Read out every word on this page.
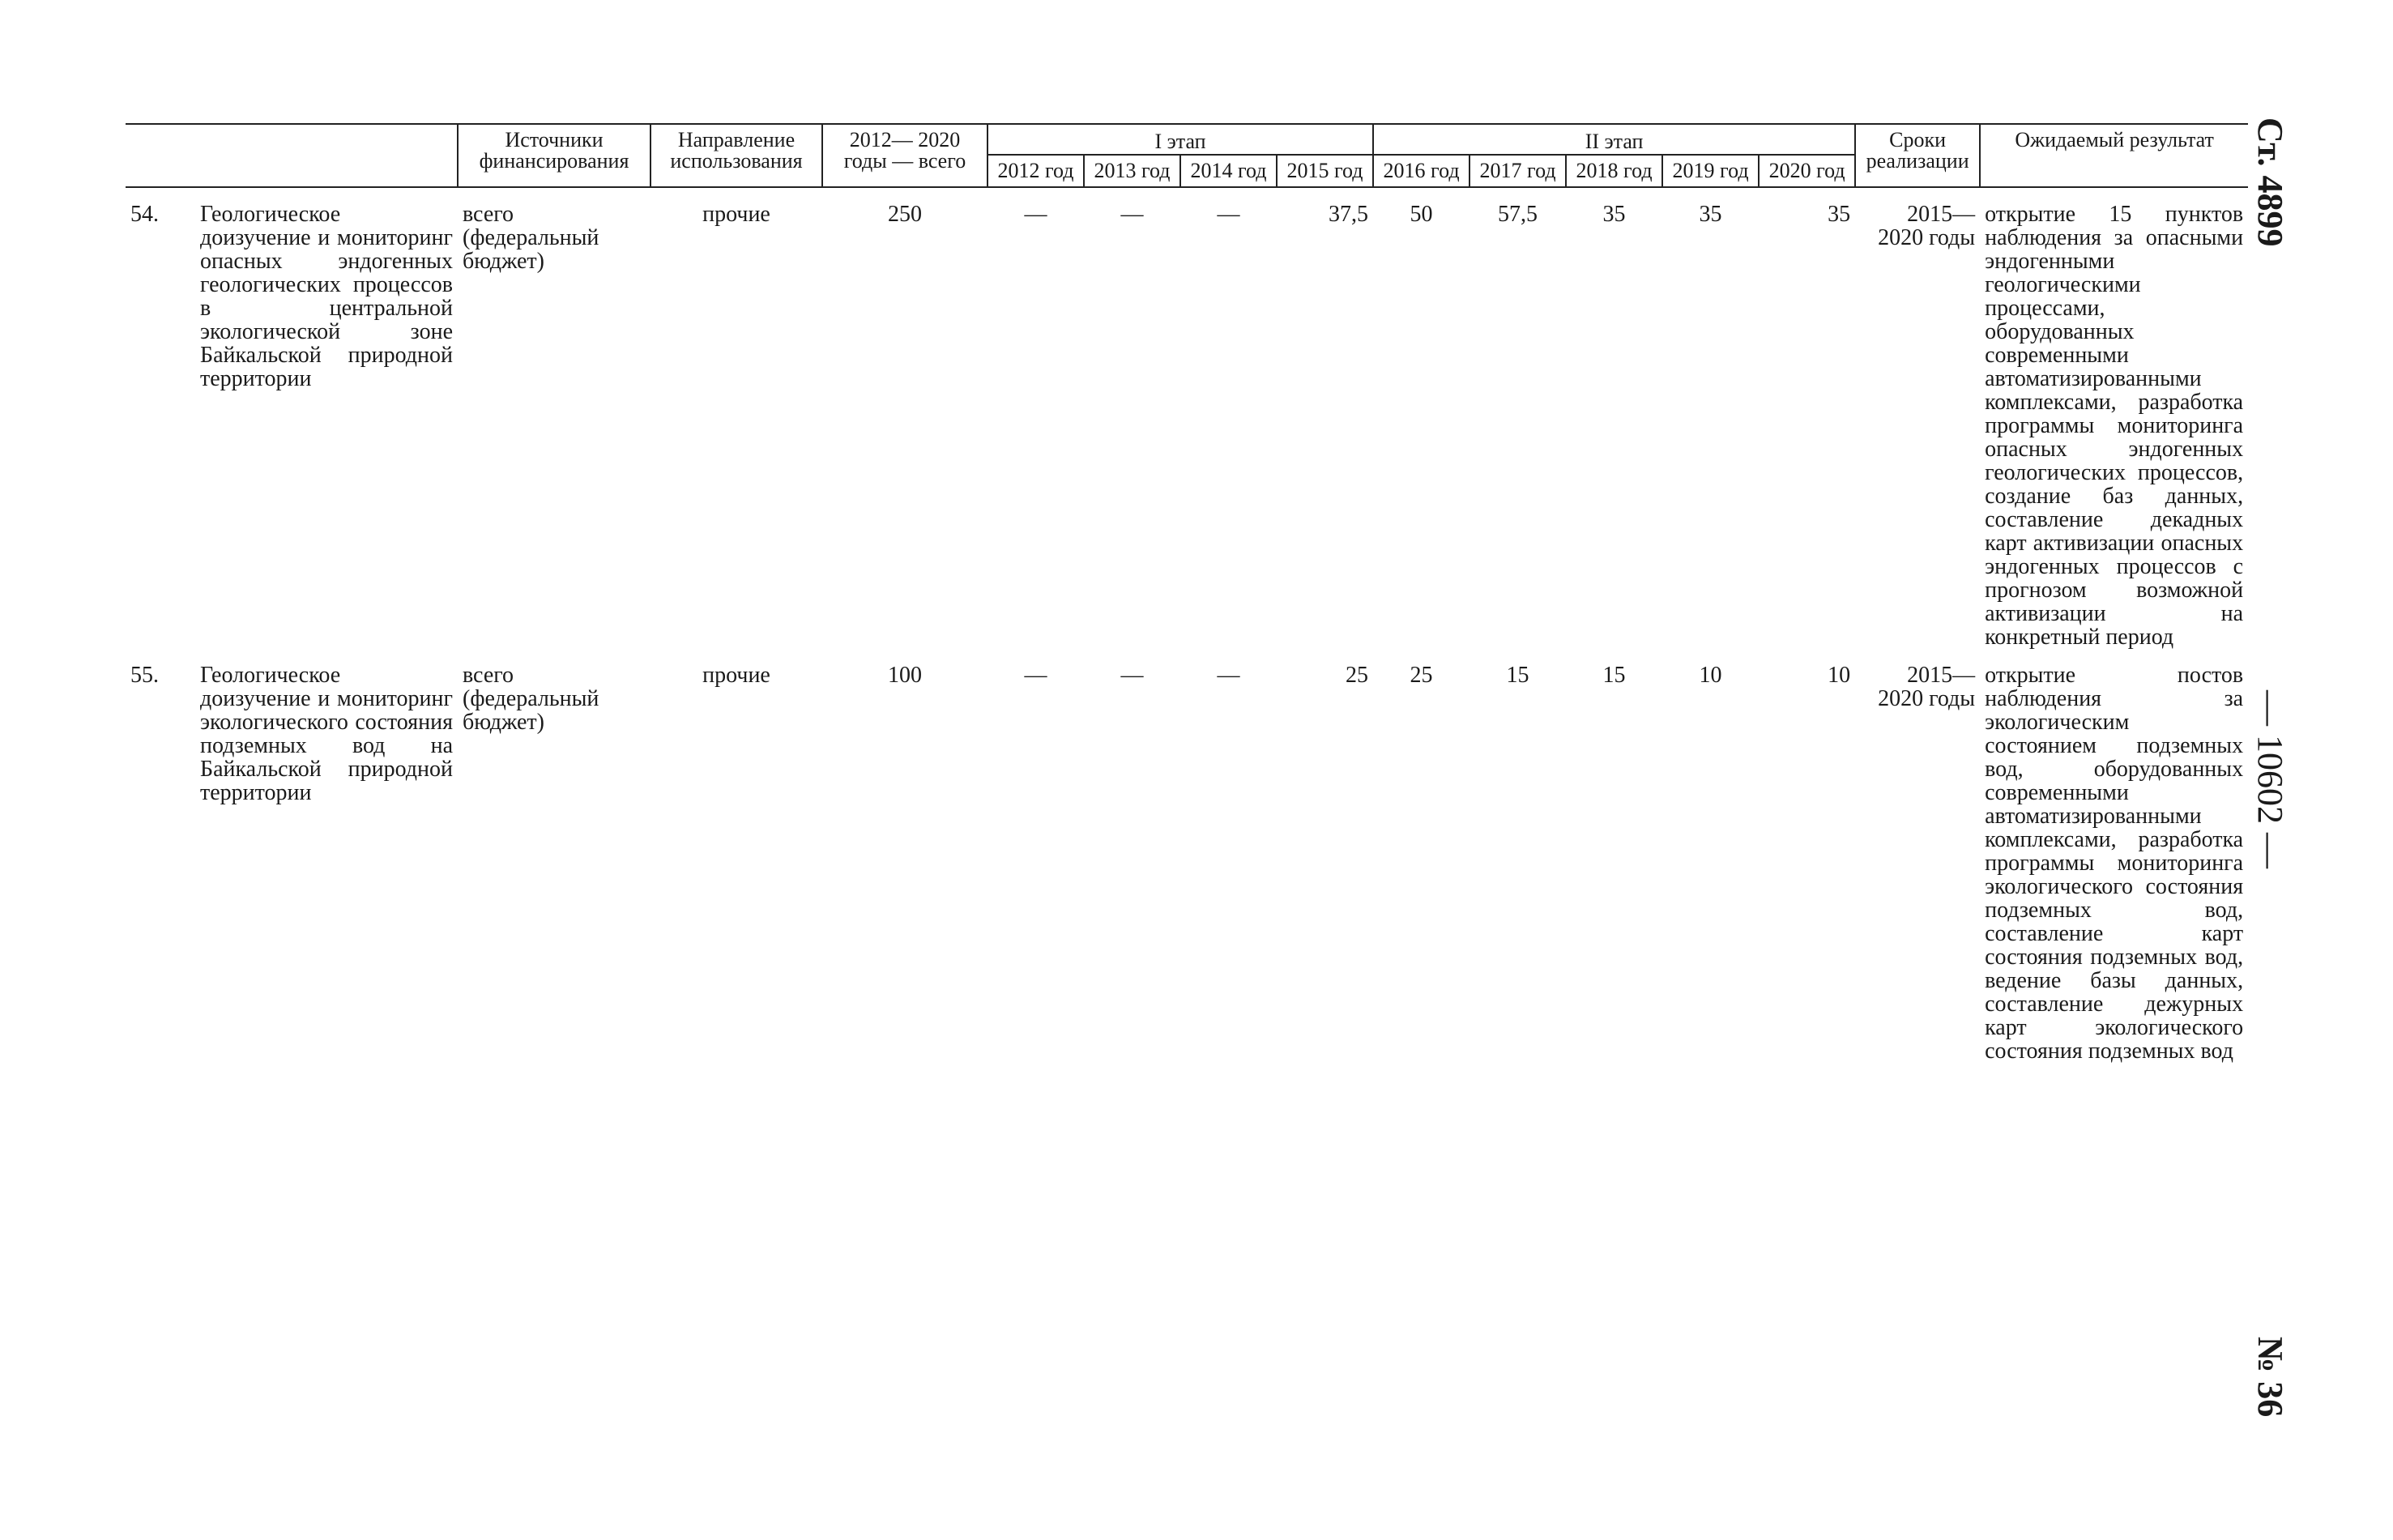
		Источники финансирования	Направление использования	2012— 2020 годы — всего	I этап				II этап					Сроки реализации	Ожидаемый результат
					2012 год	2013 год	2014 год	2015 год	2016 год	2017 год	2018 год	2019 год	2020 год		
54.	Геологическое доизучение и мониторинг опасных эндогенных геологических процессов в центральной экологической зоне Байкальской природной территории	всего (федеральный бюджет)	прочие	250	—	—	—	37,5	50	57,5	35	35	35	2015— 2020 годы	открытие 15 пунктов наблюдения за опасными эндогенными геологическими процессами, оборудованных современными автоматизированными комплексами, разработка программы мониторинга опасных эндогенных геологических процессов, создание баз данных, составление декадных карт активизации опасных эндогенных процессов с прогнозом возможной активизации на конкретный период
55.	Геологическое доизучение и мониторинг экологического состояния подземных вод на Байкальской природной территории	всего (федеральный бюджет)	прочие	100	—	—	—	25	25	15	15	10	10	2015— 2020 годы	открытие постов наблюдения за экологическим состоянием подземных вод, оборудованных современными автоматизированными комплексами, разработка программы мониторинга экологического состояния подземных вод, составление карт состояния подземных вод, ведение базы данных, составление дежурных карт экологического состояния подземных вод
Ст. 4899
— 10602 —
№ 36
